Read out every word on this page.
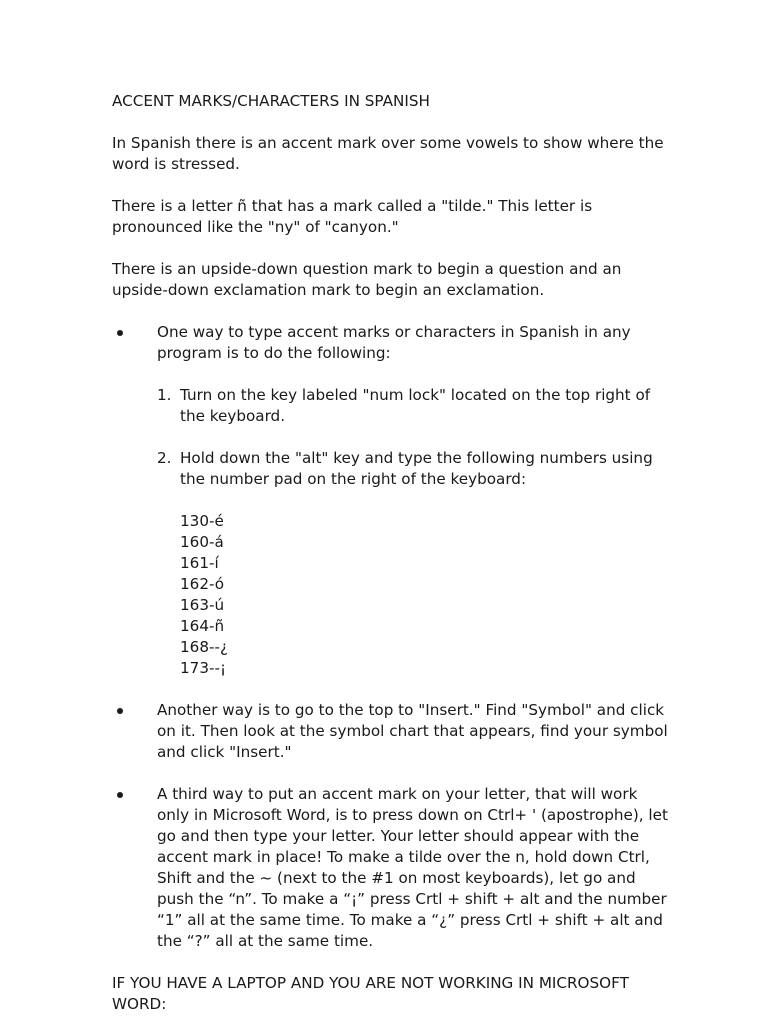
ACCENT MARKS/CHARACTERS IN SPANISH

In Spanish there is an accent mark over some vowels to show where the word is stressed.

There is a letter ñ that has a mark called a "tilde." This letter is pronounced like the "ny" of "canyon."

There is an upside-down question mark to begin a question and an upside-down exclamation mark to begin an exclamation.

One way to type accent marks or characters in Spanish in any program is to do the following:
1. Turn on the key labeled "num lock" located on the top right of the keyboard.
2. Hold down the "alt" key and type the following numbers using the number pad on the right of the keyboard:
130-é
160-á
161-í
162-ó
163-ú
164-ñ
168--¿
173--¡
Another way is to go to the top to "Insert." Find "Symbol" and click on it. Then look at the symbol chart that appears, find your symbol and click "Insert."
A third way to put an accent mark on your letter, that will work only in Microsoft Word, is to press down on Ctrl+ ' (apostrophe), let go and then type your letter. Your letter should appear with the accent mark in place! To make a tilde over the n, hold down Ctrl, Shift and the ~ (next to the #1 on most keyboards), let go and push the “n”. To make a “¡” press Crtl + shift + alt and the number “1” all at the same time. To make a “¿” press Crtl + shift + alt and the “?” all at the same time.

IF YOU HAVE A LAPTOP AND YOU ARE NOT WORKING IN MICROSOFT WORD:
